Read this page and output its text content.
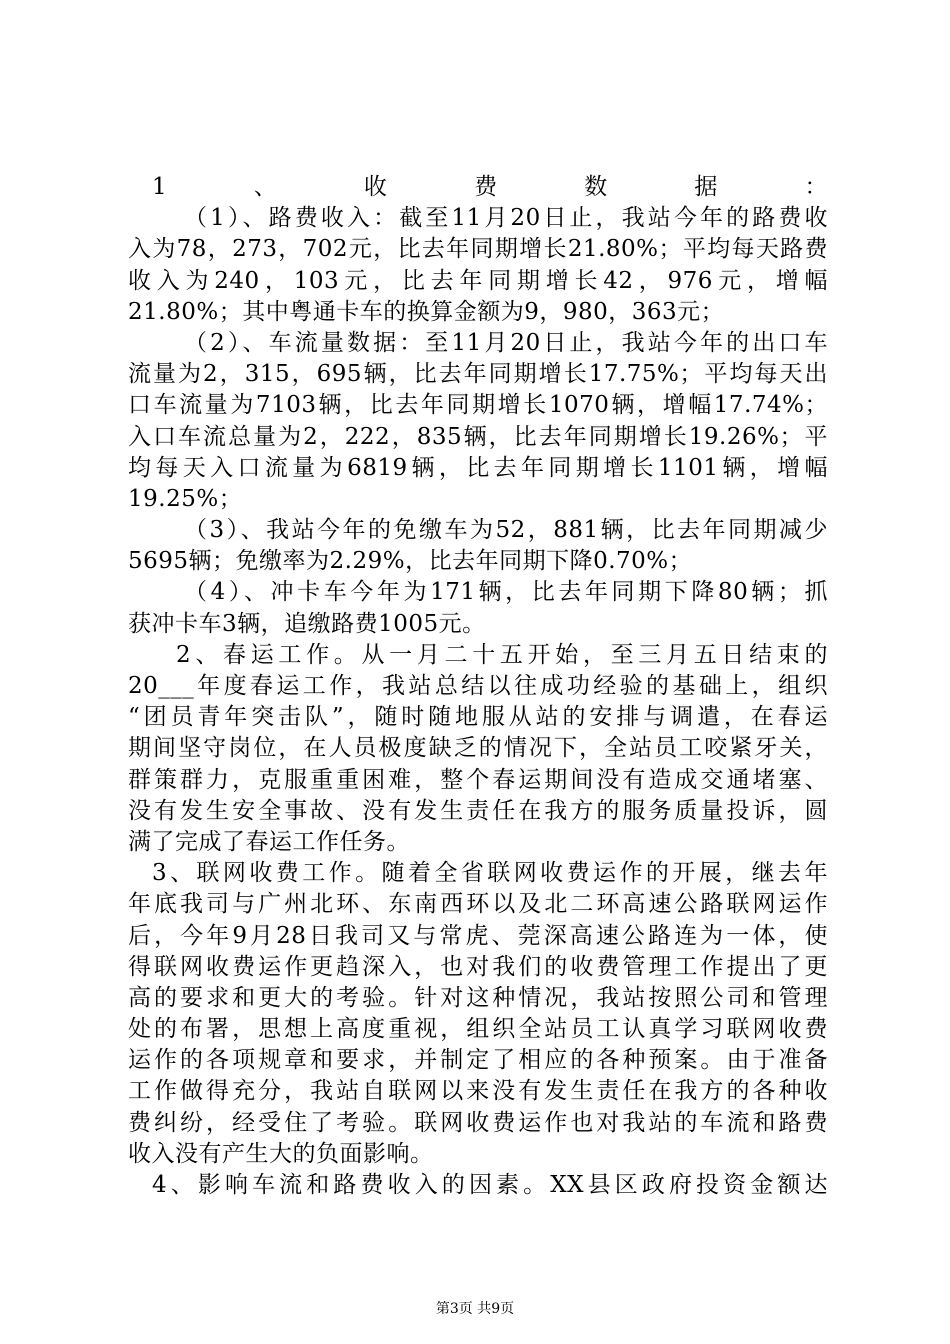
1、收费数据：
（1）、路费收入：截至11月20日止，我站今年的路费收
入为78，273，702元，比去年同期增长21.80%；平均每天路费
收入为240，103元，比去年同期增长42，976元，增幅
21.80%；其中粤通卡车的换算金额为9，980，363元；
（2）、车流量数据：至11月20日止，我站今年的出口车
流量为2，315，695辆，比去年同期增长17.75%；平均每天出
口车流量为7103辆，比去年同期增长1070辆，增幅17.74%；
入口车流总量为2，222，835辆，比去年同期增长19.26%；平
均每天入口流量为6819辆，比去年同期增长1101辆，增幅
19.25%；
（3）、我站今年的免缴车为52，881辆，比去年同期减少
5695辆；免缴率为2.29%，比去年同期下降0.70%；
（4）、冲卡车今年为171辆，比去年同期下降80辆；抓
获冲卡车3辆，追缴路费1005元。
2、春运工作。从一月二十五开始，至三月五日结束的
20___年度春运工作，我站总结以往成功经验的基础上，组织
“团员青年突击队”，随时随地服从站的安排与调遣，在春运
期间坚守岗位，在人员极度缺乏的情况下，全站员工咬紧牙关，
群策群力，克服重重困难，整个春运期间没有造成交通堵塞、
没有发生安全事故、没有发生责任在我方的服务质量投诉，圆
满了完成了春运工作任务。
3、联网收费工作。随着全省联网收费运作的开展，继去年
年底我司与广州北环、东南西环以及北二环高速公路联网运作
后，今年9月28日我司又与常虎、莞深高速公路连为一体，使
得联网收费运作更趋深入，也对我们的收费管理工作提出了更
高的要求和更大的考验。针对这种情况，我站按照公司和管理
处的布署，思想上高度重视，组织全站员工认真学习联网收费
运作的各项规章和要求，并制定了相应的各种预案。由于准备
工作做得充分，我站自联网以来没有发生责任在我方的各种收
费纠纷，经受住了考验。联网收费运作也对我站的车流和路费
收入没有产生大的负面影响。
4、影响车流和路费收入的因素。XX县区政府投资金额达
第3页 共9页
